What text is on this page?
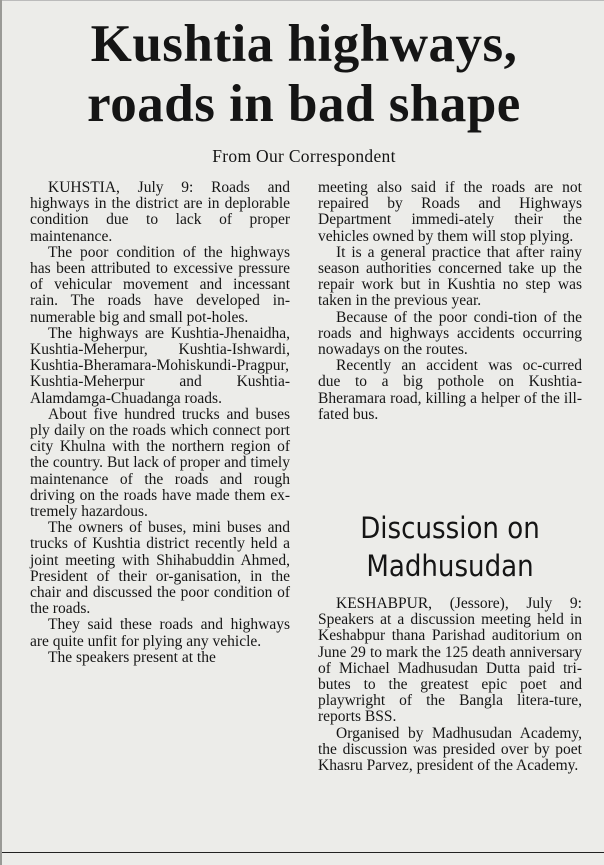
Kushtia highways,
roads in bad shape
From Our Correspondent

KUHSTIA, July 9: Roads and highways in the district are in deplorable condition due to lack of proper maintenance.

The poor condition of the highways has been attributed to excessive pressure of vehicular movement and incessant rain. The roads have developed in-numerable big and small pot-holes.

The highways are Kushtia-Jhenaidha, Kushtia-Meherpur, Kushtia-Ishwardi, Kushtia-Bheramara-Mohiskundi-Pragpur, Kushtia-Meherpur and Kushtia-Alamdamga-Chuadanga roads.

About five hundred trucks and buses ply daily on the roads which connect port city Khulna with the northern region of the country. But lack of proper and timely maintenance of the roads and rough driving on the roads have made them ex-tremely hazardous.

The owners of buses, mini buses and trucks of Kushtia district recently held a joint meeting with Shihabuddin Ahmed, President of their or-ganisation, in the chair and discussed the poor condition of the roads.

They said these roads and highways are quite unfit for plying any vehicle.

The speakers present at the

meeting also said if the roads are not repaired by Roads and Highways Department immedi-ately their the vehicles owned by them will stop plying.

It is a general practice that after rainy season authorities concerned take up the repair work but in Kushtia no step was taken in the previous year.

Because of the poor condi-tion of the roads and highways accidents occurring nowadays on the routes.

Recently an accident was oc-curred due to a big pothole on Kushtia-Bheramara road, killing a helper of the ill-fated bus.

Discussion on
Madhusudan

KESHABPUR, (Jessore), July 9: Speakers at a discussion meeting held in Keshabpur thana Parishad auditorium on June 29 to mark the 125 death anniversary of Michael Madhusudan Dutta paid tri-butes to the greatest epic poet and playwright of the Bangla litera-ture, reports BSS.

Organised by Madhusudan Academy, the discussion was presided over by poet Khasru Parvez, president of the Academy.
